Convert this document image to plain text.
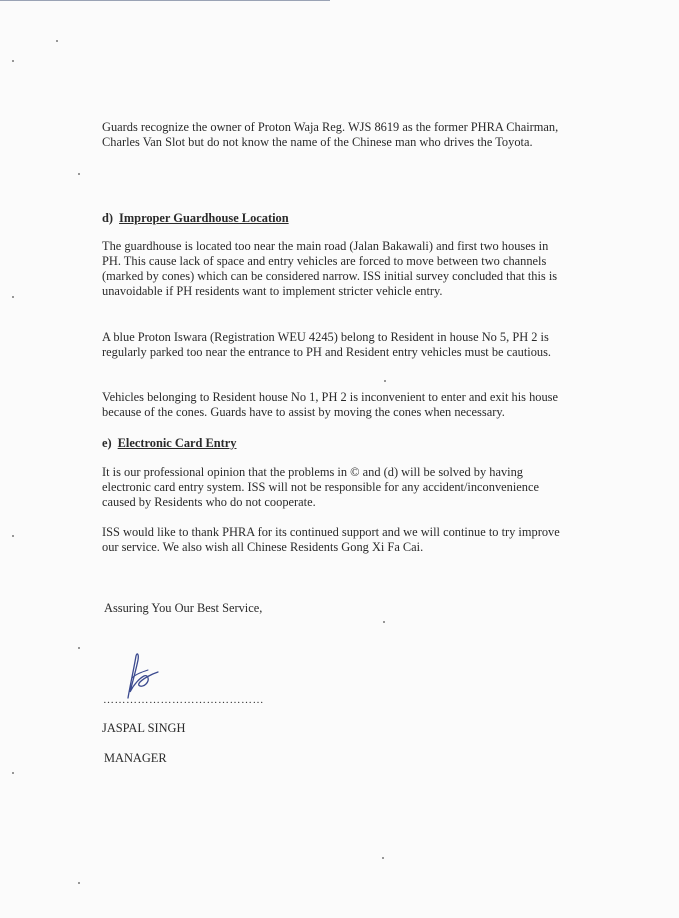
Guards recognize the owner of Proton Waja Reg. WJS 8619 as the former PHRA Chairman, Charles Van Slot but do not know the name of the Chinese man who drives the Toyota.

d) Improper Guardhouse Location

The guardhouse is located too near the main road (Jalan Bakawali) and first two houses in PH. This cause lack of space and entry vehicles are forced to move between two channels (marked by cones) which can be considered narrow. ISS initial survey concluded that this is unavoidable if PH residents want to implement stricter vehicle entry.

A blue Proton Iswara (Registration WEU 4245) belong to Resident in house No 5, PH 2 is regularly parked too near the entrance to PH and Resident entry vehicles must be cautious.

Vehicles belonging to Resident house No 1, PH 2 is inconvenient to enter and exit his house because of the cones. Guards have to assist by moving the cones when necessary.

e) Electronic Card Entry

It is our professional opinion that the problems in © and (d) will be solved by having electronic card entry system. ISS will not be responsible for any accident/inconvenience caused by Residents who do not cooperate.

ISS would like to thank PHRA for its continued support and we will continue to try improve our service. We also wish all Chinese Residents Gong Xi Fa Cai.

Assuring You Our Best Service,

……………………………………

JASPAL SINGH

MANAGER
